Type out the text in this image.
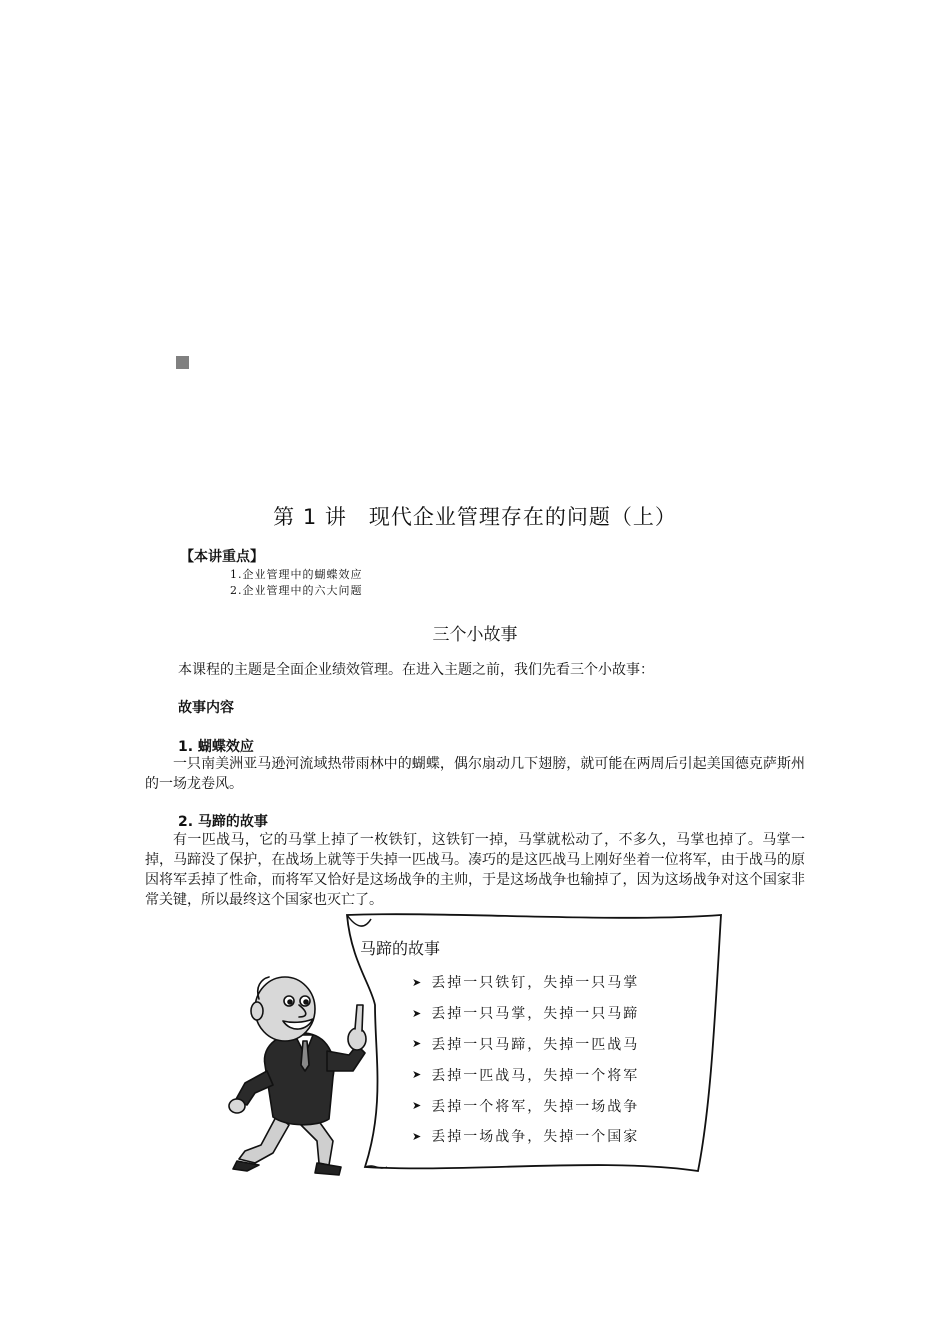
第 1 讲　现代企业管理存在的问题（上）
【本讲重点】
1.企业管理中的蝴蝶效应
2.企业管理中的六大问题
三个小故事
本课程的主题是全面企业绩效管理。在进入主题之前，我们先看三个小故事：
故事内容
1. 蝴蝶效应

一只南美洲亚马逊河流域热带雨林中的蝴蝶，偶尔扇动几下翅膀，就可能在两周后引起美国德克萨斯州的一场龙卷风。

2. 马蹄的故事

有一匹战马，它的马掌上掉了一枚铁钉，这铁钉一掉，马掌就松动了，不多久，马掌也掉了。马掌一掉，马蹄没了保护，在战场上就等于失掉一匹战马。凑巧的是这匹战马上刚好坐着一位将军，由于战马的原因将军丢掉了性命，而将军又恰好是这场战争的主帅，于是这场战争也输掉了，因为这场战争对这个国家非常关键，所以最终这个国家也灭亡了。

马蹄的故事
➤ 丢掉一只铁钉，失掉一只马掌
➤ 丢掉一只马掌，失掉一只马蹄
➤ 丢掉一只马蹄，失掉一匹战马
➤ 丢掉一匹战马，失掉一个将军
➤ 丢掉一个将军，失掉一场战争
➤ 丢掉一场战争，失掉一个国家
